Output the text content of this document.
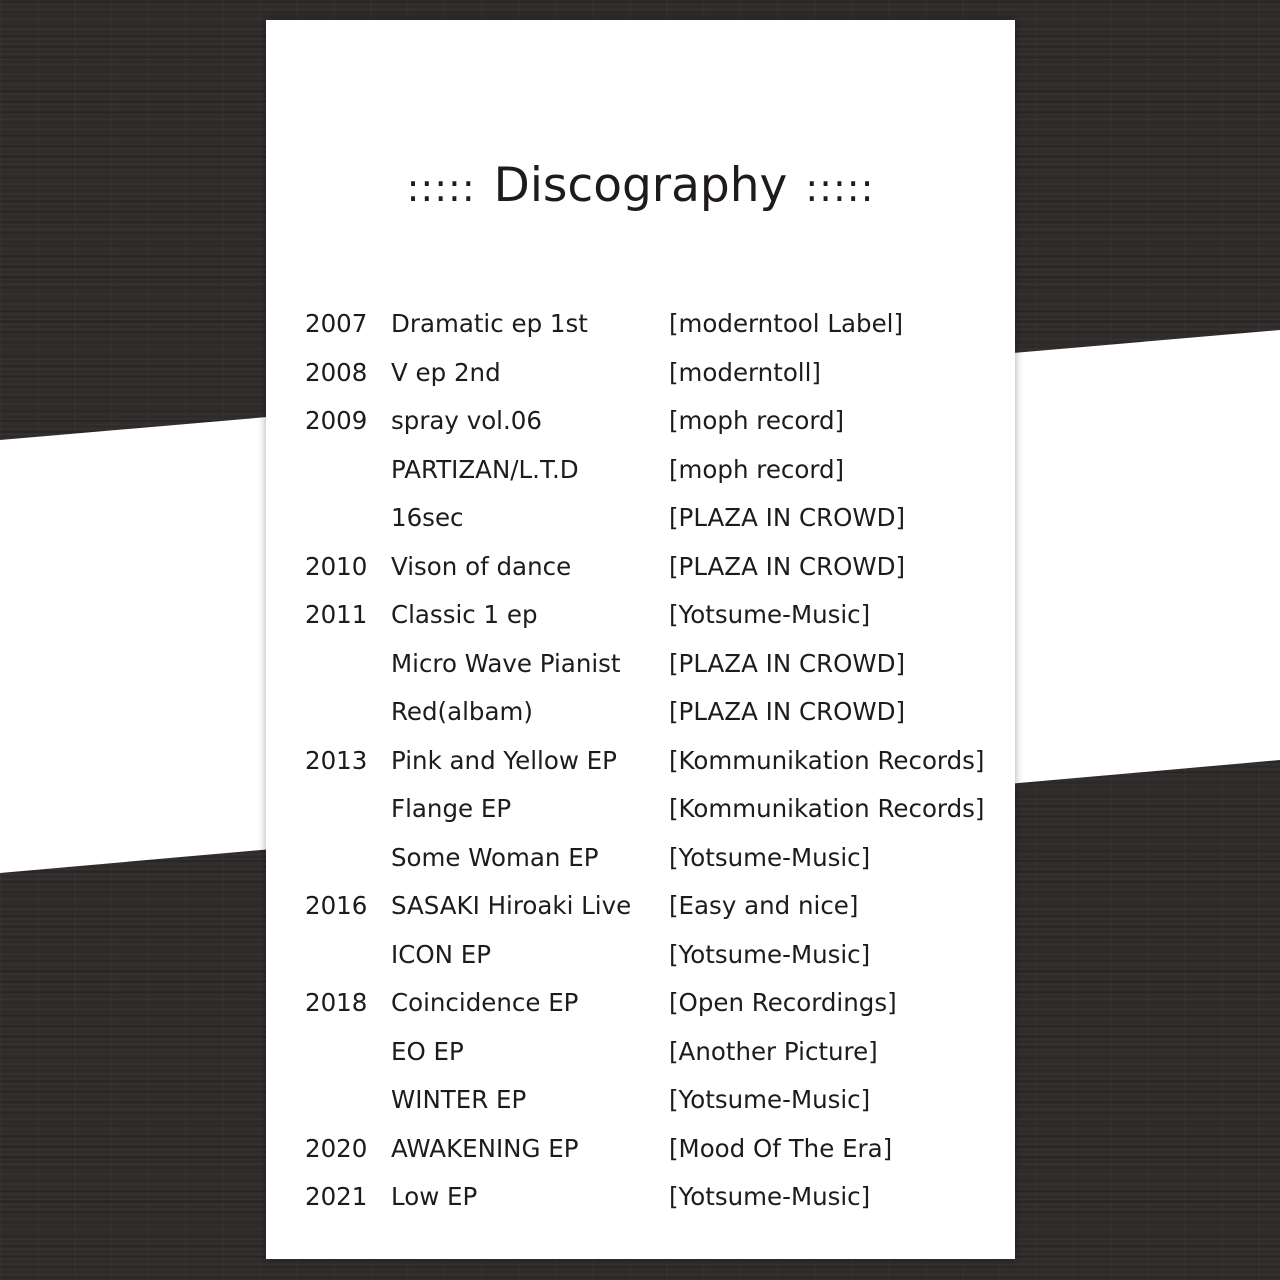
::::: Discography :::::
2007 Dramatic ep 1st	[moderntool Label]
2008 V ep 2nd	[moderntoll]
2009 spray vol.06	[moph record]
PARTIZAN/L.T.D	[moph record]
16sec	[PLAZA IN CROWD]
2010 Vison of dance	[PLAZA IN CROWD]
2011 Classic 1 ep	[Yotsume-Music]
Micro Wave Pianist [PLAZA IN CROWD]
Red(albam)	[PLAZA IN CROWD]
2013 Pink and Yellow EP [Kommunikation Records]
Flange EP	[Kommunikation Records]
Some Woman EP	[Yotsume-Music]
2016 SASAKI Hiroaki Live [Easy and nice]
ICON EP	[Yotsume-Music]
2018 Coincidence EP	[Open Recordings]
EO EP	[Another Picture]
WINTER EP	[Yotsume-Music]
2020 AWAKENING EP	[Mood Of The Era]
2021 Low EP	[Yotsume-Music]
